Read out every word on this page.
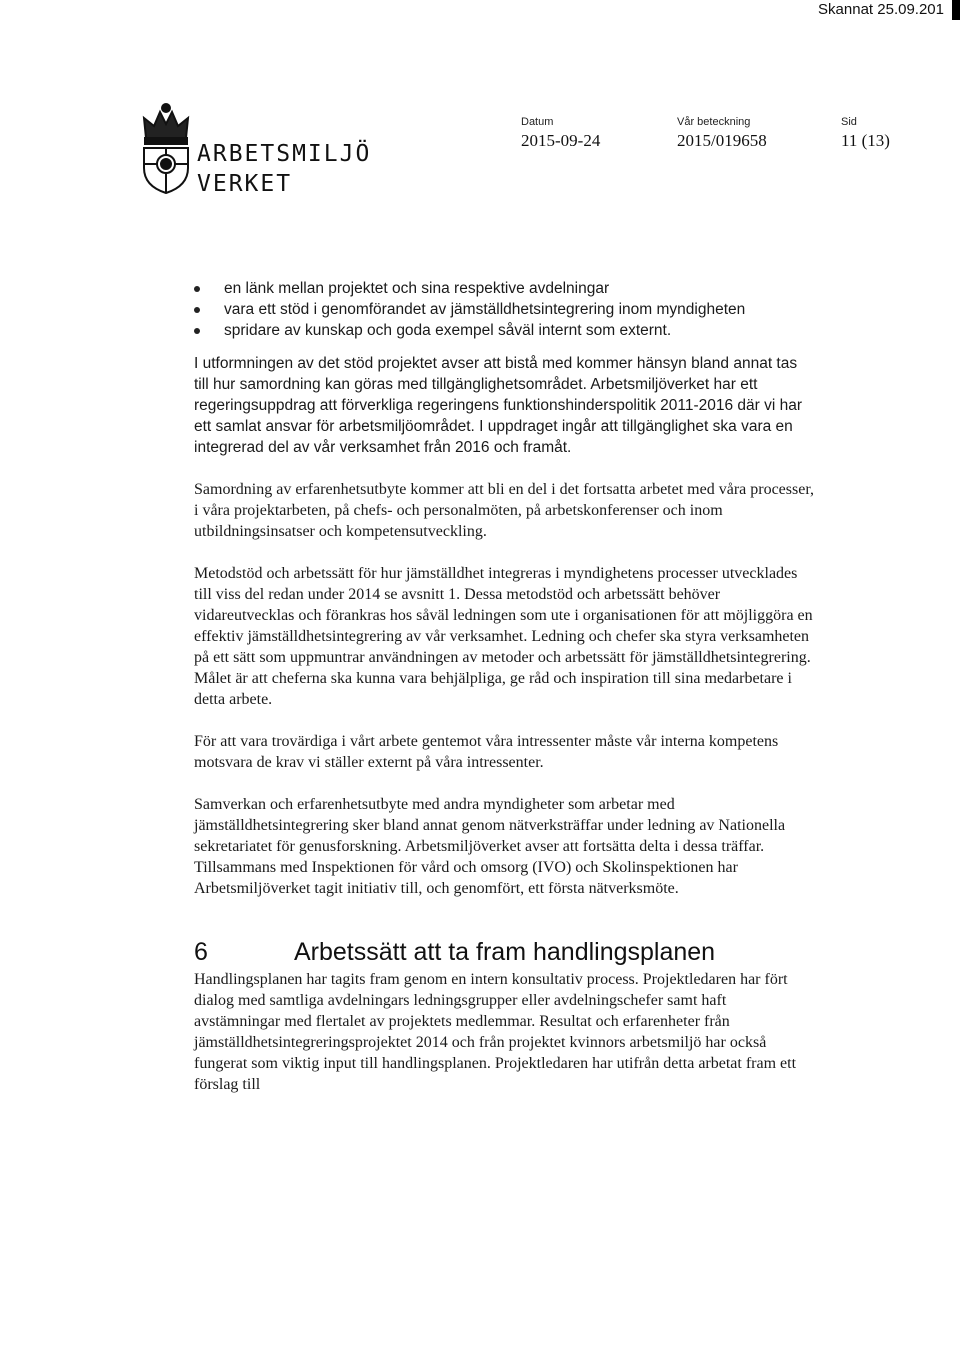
Skannat 25.09.201
ARBETSMILJÖ
VERKET
Datum
2015-09-24
Vår beteckning
2015/019658
Sid
11 (13)
en länk mellan projektet och sina respektive avdelningar
vara ett stöd i genomförandet av jämställdhetsintegrering inom myndigheten
spridare av kunskap och goda exempel såväl internt som externt.

I utformningen av det stöd projektet avser att bistå med kommer hänsyn bland annat tas till hur samordning kan göras med tillgänglighetsområdet. Arbetsmiljöverket har ett regeringsuppdrag att förverkliga regeringens funktionshinderspolitik 2011-2016 där vi har ett samlat ansvar för arbetsmiljöområdet. I uppdraget ingår att tillgänglighet ska vara en integrerad del av vår verksamhet från 2016 och framåt.

Samordning av erfarenhetsutbyte kommer att bli en del i det fortsatta arbetet med våra processer, i våra projektarbeten, på chefs- och personalmöten, på arbetskonferenser och inom utbildningsinsatser och kompetensutveckling.

Metodstöd och arbetssätt för hur jämställdhet integreras i myndighetens processer utvecklades till viss del redan under 2014 se avsnitt 1. Dessa metodstöd och arbetssätt behöver vidareutvecklas och förankras hos såväl ledningen som ute i organisationen för att möjliggöra en effektiv jämställdhetsintegrering av vår verksamhet. Ledning och chefer ska styra verksamheten på ett sätt som uppmuntrar användningen av metoder och arbetssätt för jämställdhetsintegrering. Målet är att cheferna ska kunna vara behjälpliga, ge råd och inspiration till sina medarbetare i detta arbete.

För att vara trovärdiga i vårt arbete gentemot våra intressenter måste vår interna kompetens motsvara de krav vi ställer externt på våra intressenter.

Samverkan och erfarenhetsutbyte med andra myndigheter som arbetar med jämställdhetsintegrering sker bland annat genom nätverksträffar under ledning av Nationella sekretariatet för genusforskning. Arbetsmiljöverket avser att fortsätta delta i dessa träffar. Tillsammans med Inspektionen för vård och omsorg (IVO) och Skolinspektionen har Arbetsmiljöverket tagit initiativ till, och genomfört, ett första nätverksmöte.

6	Arbetssätt att ta fram handlingsplanen

Handlingsplanen har tagits fram genom en intern konsultativ process. Projektledaren har fört dialog med samtliga avdelningars ledningsgrupper eller avdelningschefer samt haft avstämningar med flertalet av projektets medlemmar. Resultat och erfarenheter från jämställdhetsintegreringsprojektet 2014 och från projektet kvinnors arbetsmiljö har också fungerat som viktig input till handlingsplanen. Projektledaren har utifrån detta arbetat fram ett förslag till
